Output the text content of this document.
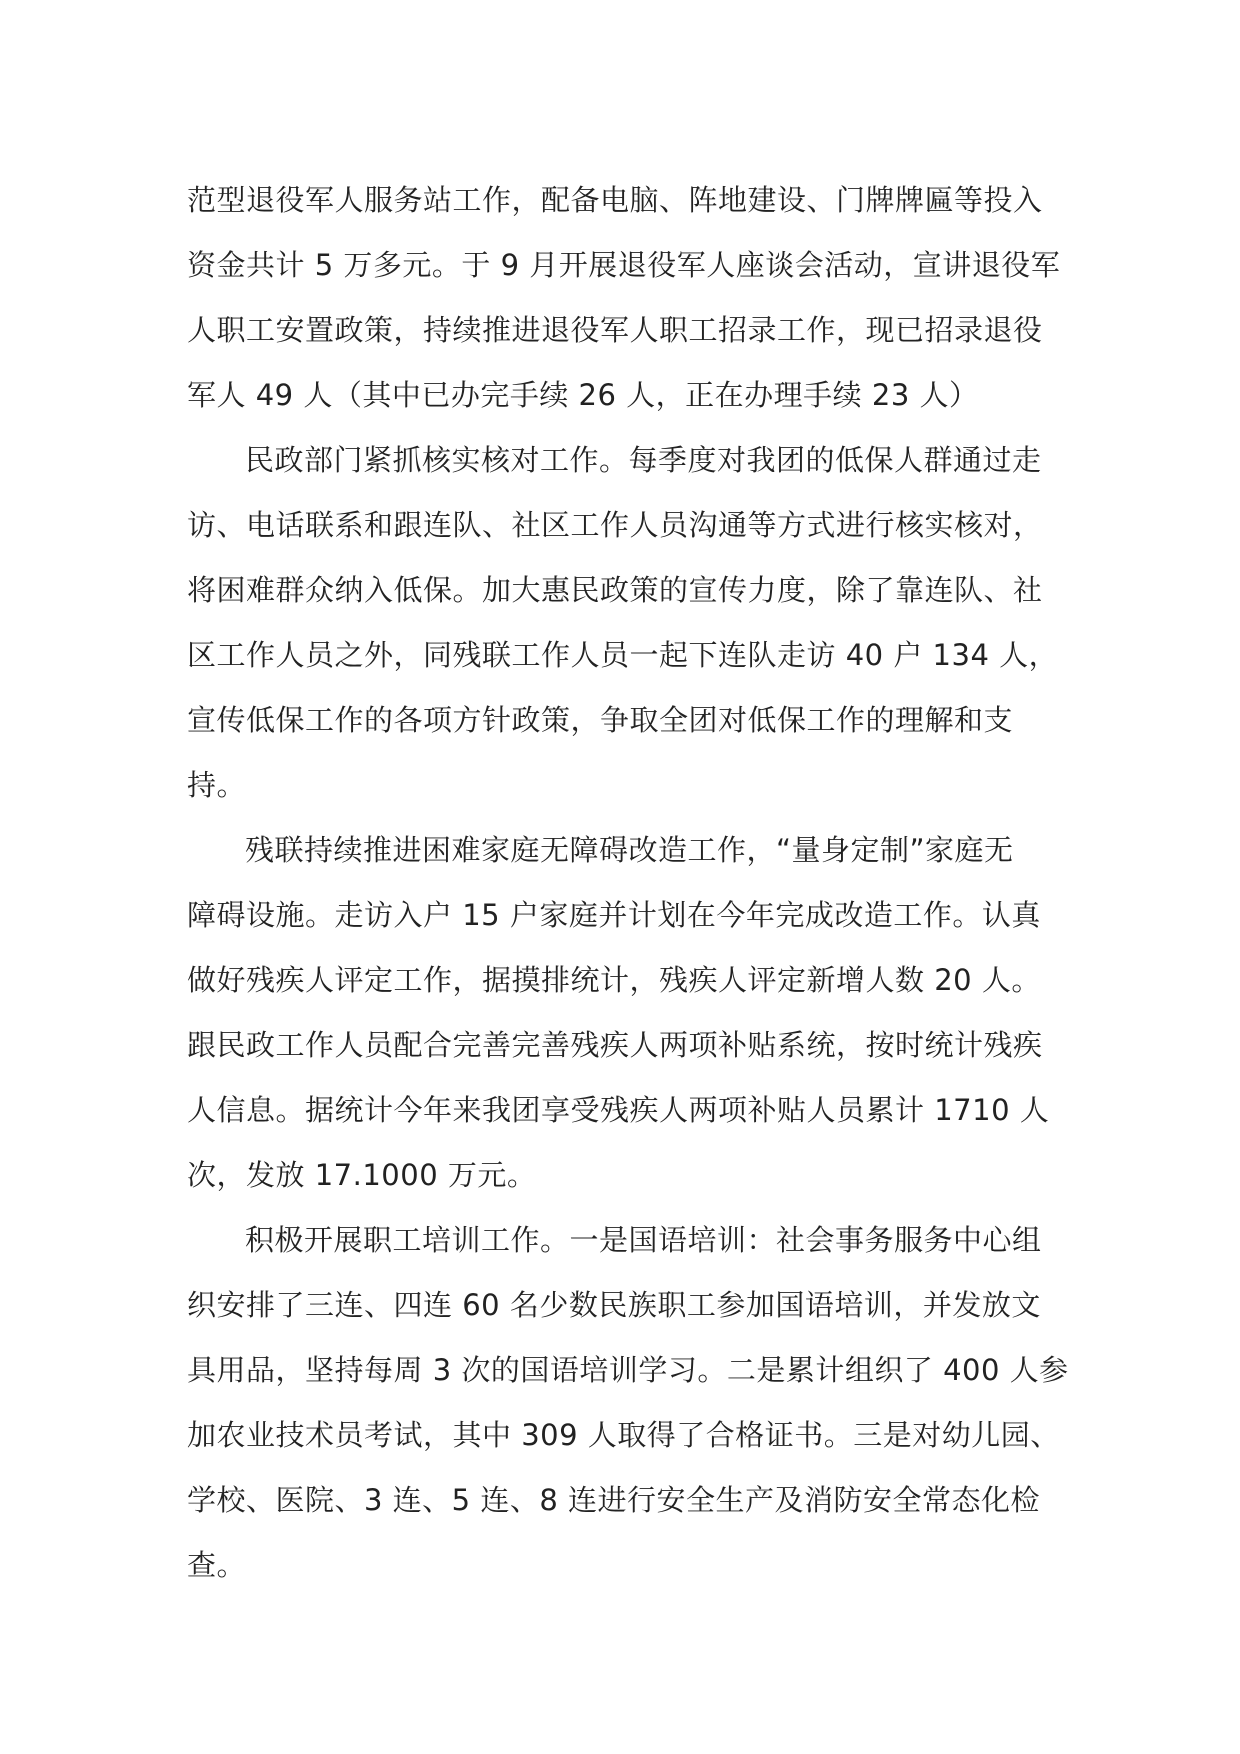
范型退役军人服务站工作，配备电脑、阵地建设、门牌牌匾等投入
资金共计 5 万多元。于 9 月开展退役军人座谈会活动，宣讲退役军
人职工安置政策，持续推进退役军人职工招录工作，现已招录退役
军人 49 人（其中已办完手续 26 人，正在办理手续 23 人）
民政部门紧抓核实核对工作。每季度对我团的低保人群通过走
访、电话联系和跟连队、社区工作人员沟通等方式进行核实核对，
将困难群众纳入低保。加大惠民政策的宣传力度，除了靠连队、社
区工作人员之外，同残联工作人员一起下连队走访 40 户 134 人，
宣传低保工作的各项方针政策，争取全团对低保工作的理解和支
持。
残联持续推进困难家庭无障碍改造工作，“量身定制”家庭无
障碍设施。走访入户 15 户家庭并计划在今年完成改造工作。认真
做好残疾人评定工作，据摸排统计，残疾人评定新增人数 20 人。
跟民政工作人员配合完善完善残疾人两项补贴系统，按时统计残疾
人信息。据统计今年来我团享受残疾人两项补贴人员累计 1710 人
次，发放 17.1000 万元。
积极开展职工培训工作。一是国语培训：社会事务服务中心组
织安排了三连、四连 60 名少数民族职工参加国语培训，并发放文
具用品，坚持每周 3 次的国语培训学习。二是累计组织了 400 人参
加农业技术员考试，其中 309 人取得了合格证书。三是对幼儿园、
学校、医院、3 连、5 连、8 连进行安全生产及消防安全常态化检
查。
